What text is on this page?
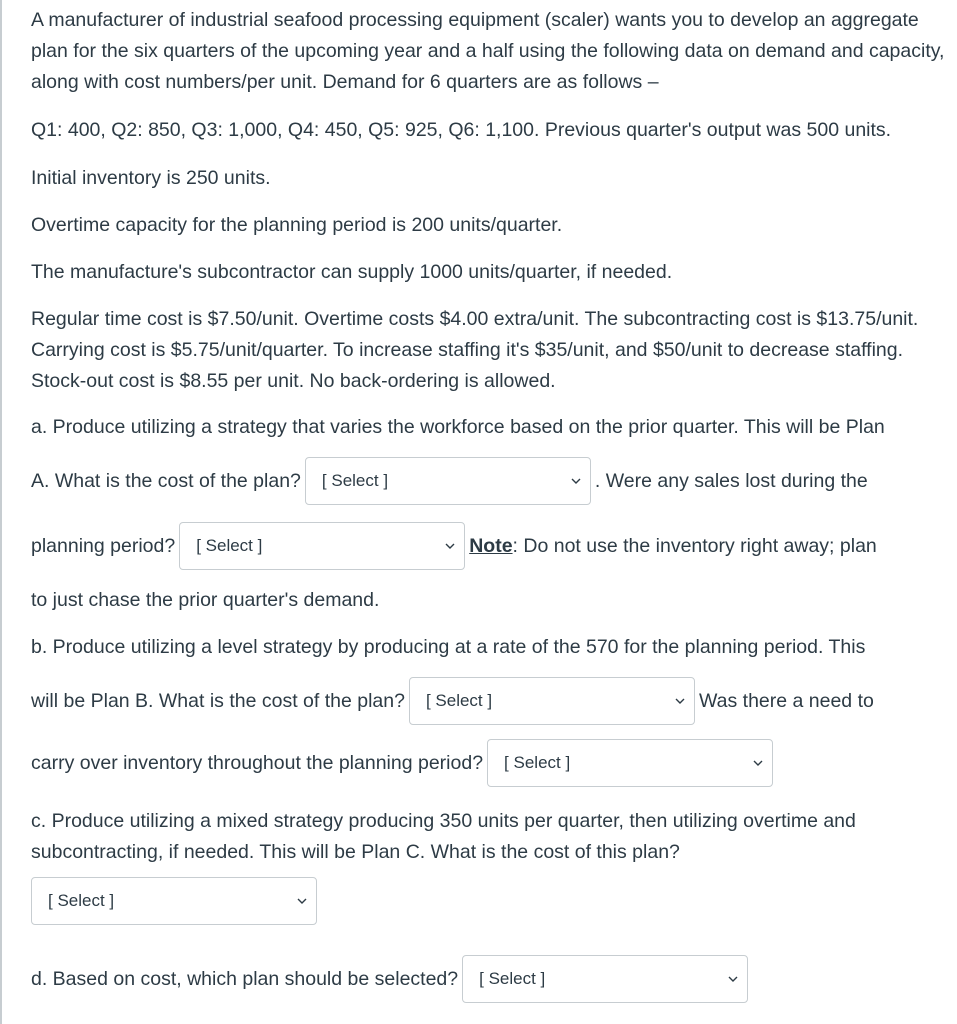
A manufacturer of industrial seafood processing equipment (scaler) wants you to develop an aggregate plan for the six quarters of the upcoming year and a half using the following data on demand and capacity, along with cost numbers/per unit. Demand for 6 quarters are as follows –

Q1: 400, Q2: 850, Q3: 1,000, Q4: 450, Q5: 925, Q6: 1,100. Previous quarter's output was 500 units.

Initial inventory is 250 units.

Overtime capacity for the planning period is 200 units/quarter.

The manufacture's subcontractor can supply 1000 units/quarter, if needed.

Regular time cost is $7.50/unit. Overtime costs $4.00 extra/unit. The subcontracting cost is $13.75/unit. Carrying cost is $5.75/unit/quarter. To increase staffing it's $35/unit, and $50/unit to decrease staffing. Stock-out cost is $8.55 per unit. No back-ordering is allowed.

a. Produce utilizing a strategy that varies the workforce based on the prior quarter. This will be Plan

A. What is the cost of the plan? [ Select ]	. Were any sales lost during the
planning period? [ Select ]	Note : Do not use the inventory right away; plan

to just chase the prior quarter's demand.

b. Produce utilizing a level strategy by producing at a rate of the 570 for the planning period. This

will be Plan B. What is the cost of the plan? [ Select ]	Was there a need to
carry over inventory throughout the planning period? [ Select ]

c. Produce utilizing a mixed strategy producing 350 units per quarter, then utilizing overtime and subcontracting, if needed. This will be Plan C. What is the cost of this plan?

[ Select ]
d. Based on cost, which plan should be selected? [ Select ]
